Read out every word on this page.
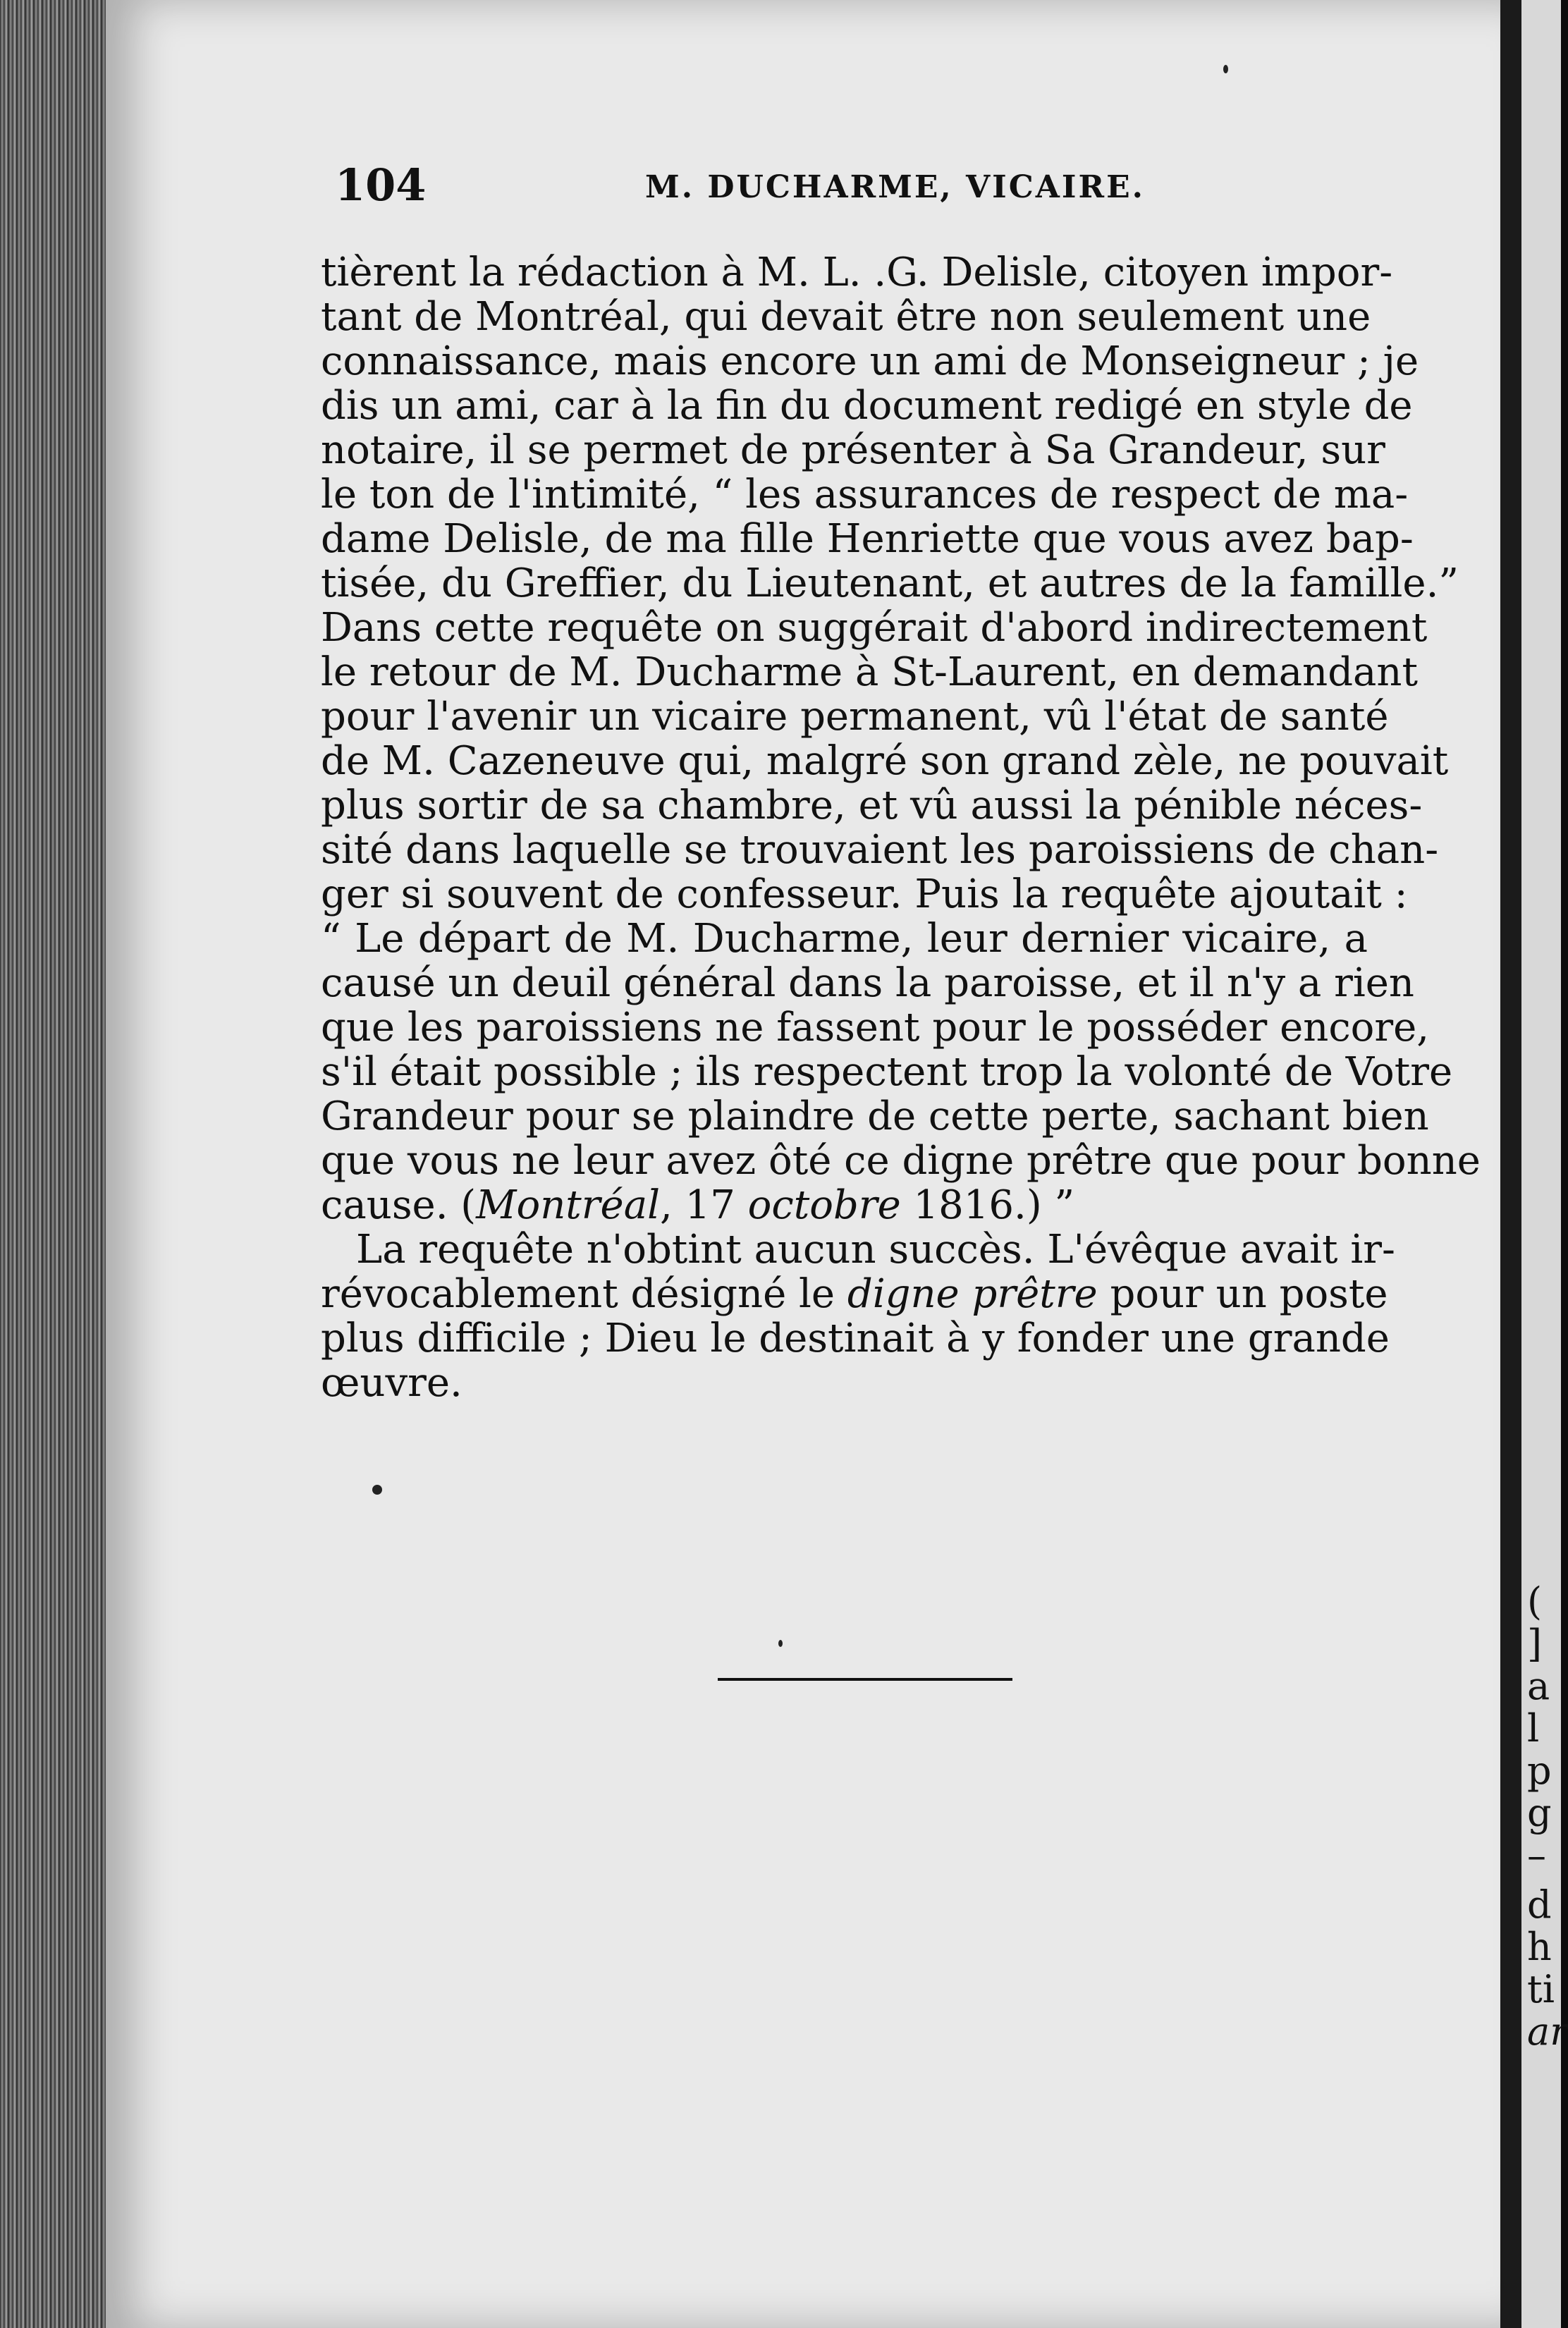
(
]
a
l
p
g
–
d
h
ti
ar
104	M. DUCHARME, VICAIRE.
tièrent la rédaction à M. L. .G. Delisle, citoyen impor-
tant de Montréal, qui devait être non seulement une
connaissance, mais encore un ami de Monseigneur ; je
dis un ami, car à la fin du document redigé en style de
notaire, il se permet de présenter à Sa Grandeur, sur
le ton de l'intimité, “ les assurances de respect de ma-
dame Delisle, de ma fille Henriette que vous avez bap-
tisée, du Greffier, du Lieutenant, et autres de la famille.”
Dans cette requête on suggérait d'abord indirectement
le retour de M. Ducharme à St-Laurent, en demandant
pour l'avenir un vicaire permanent, vû l'état de santé
de M. Cazeneuve qui, malgré son grand zèle, ne pouvait
plus sortir de sa chambre, et vû aussi la pénible néces-
sité dans laquelle se trouvaient les paroissiens de chan-
ger si souvent de confesseur. Puis la requête ajoutait :
“ Le départ de M. Ducharme, leur dernier vicaire, a
causé un deuil général dans la paroisse, et il n'y a rien
que les paroissiens ne fassent pour le posséder encore,
s'il était possible ; ils respectent trop la volonté de Votre
Grandeur pour se plaindre de cette perte, sachant bien
que vous ne leur avez ôté ce digne prêtre que pour bonne
cause. (Montréal, 17 octobre 1816.) ”
La requête n'obtint aucun succès. L'évêque avait ir-
révocablement désigné le digne prêtre pour un poste
plus difficile ; Dieu le destinait à y fonder une grande
œuvre.
